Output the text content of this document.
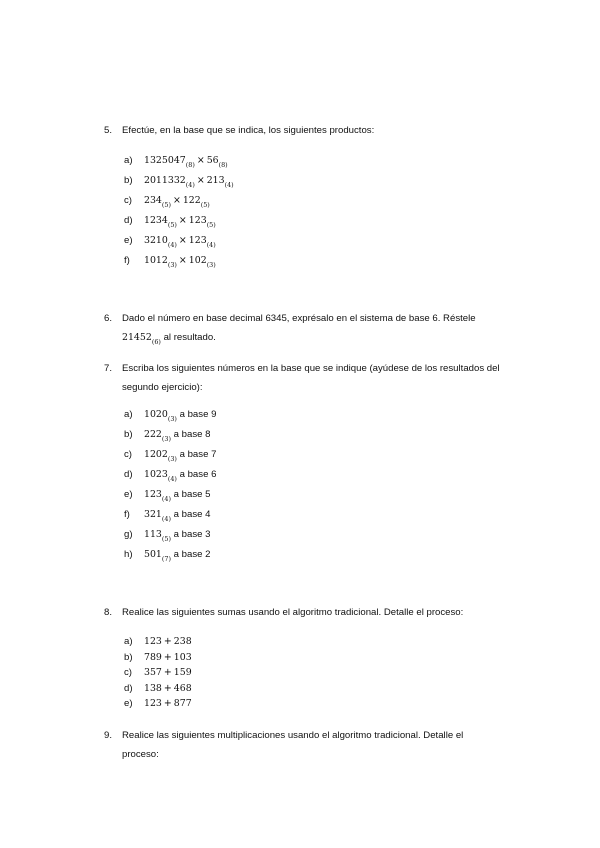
5. Efectúe, en la base que se indica, los siguientes productos:
a) $1325047_{(8)} \times 56_{(8)}$
b) $2011332_{(4)} \times 213_{(4)}$
c) $234_{(5)} \times 122_{(5)}$
d) $1234_{(5)} \times 123_{(5)}$
e) $3210_{(4)} \times 123_{(4)}$
f) $1012_{(3)} \times 102_{(3)}$
6. Dado el número en base decimal 6345, exprésalo en el sistema de base 6. Réstele
$21452_{(6)}$ al resultado.
7. Escriba los siguientes números en la base que se indique (ayúdese de los resultados del
segundo ejercicio):
a) $1020_{(3)}$ a base 9
b) $222_{(3)}$ a base 8
c) $1202_{(3)}$ a base 7
d) $1023_{(4)}$ a base 6
e) $123_{(4)}$ a base 5
f) $321_{(4)}$ a base 4
g) $113_{(5)}$ a base 3
h) $501_{(7)}$ a base 2
8. Realice las siguientes sumas usando el algoritmo tradicional. Detalle el proceso:
a) 123 + 238
b) 789 + 103
c) 357 + 159
d) 138 + 468
e) 123 + 877
9. Realice las siguientes multiplicaciones usando el algoritmo tradicional. Detalle el
proceso:
